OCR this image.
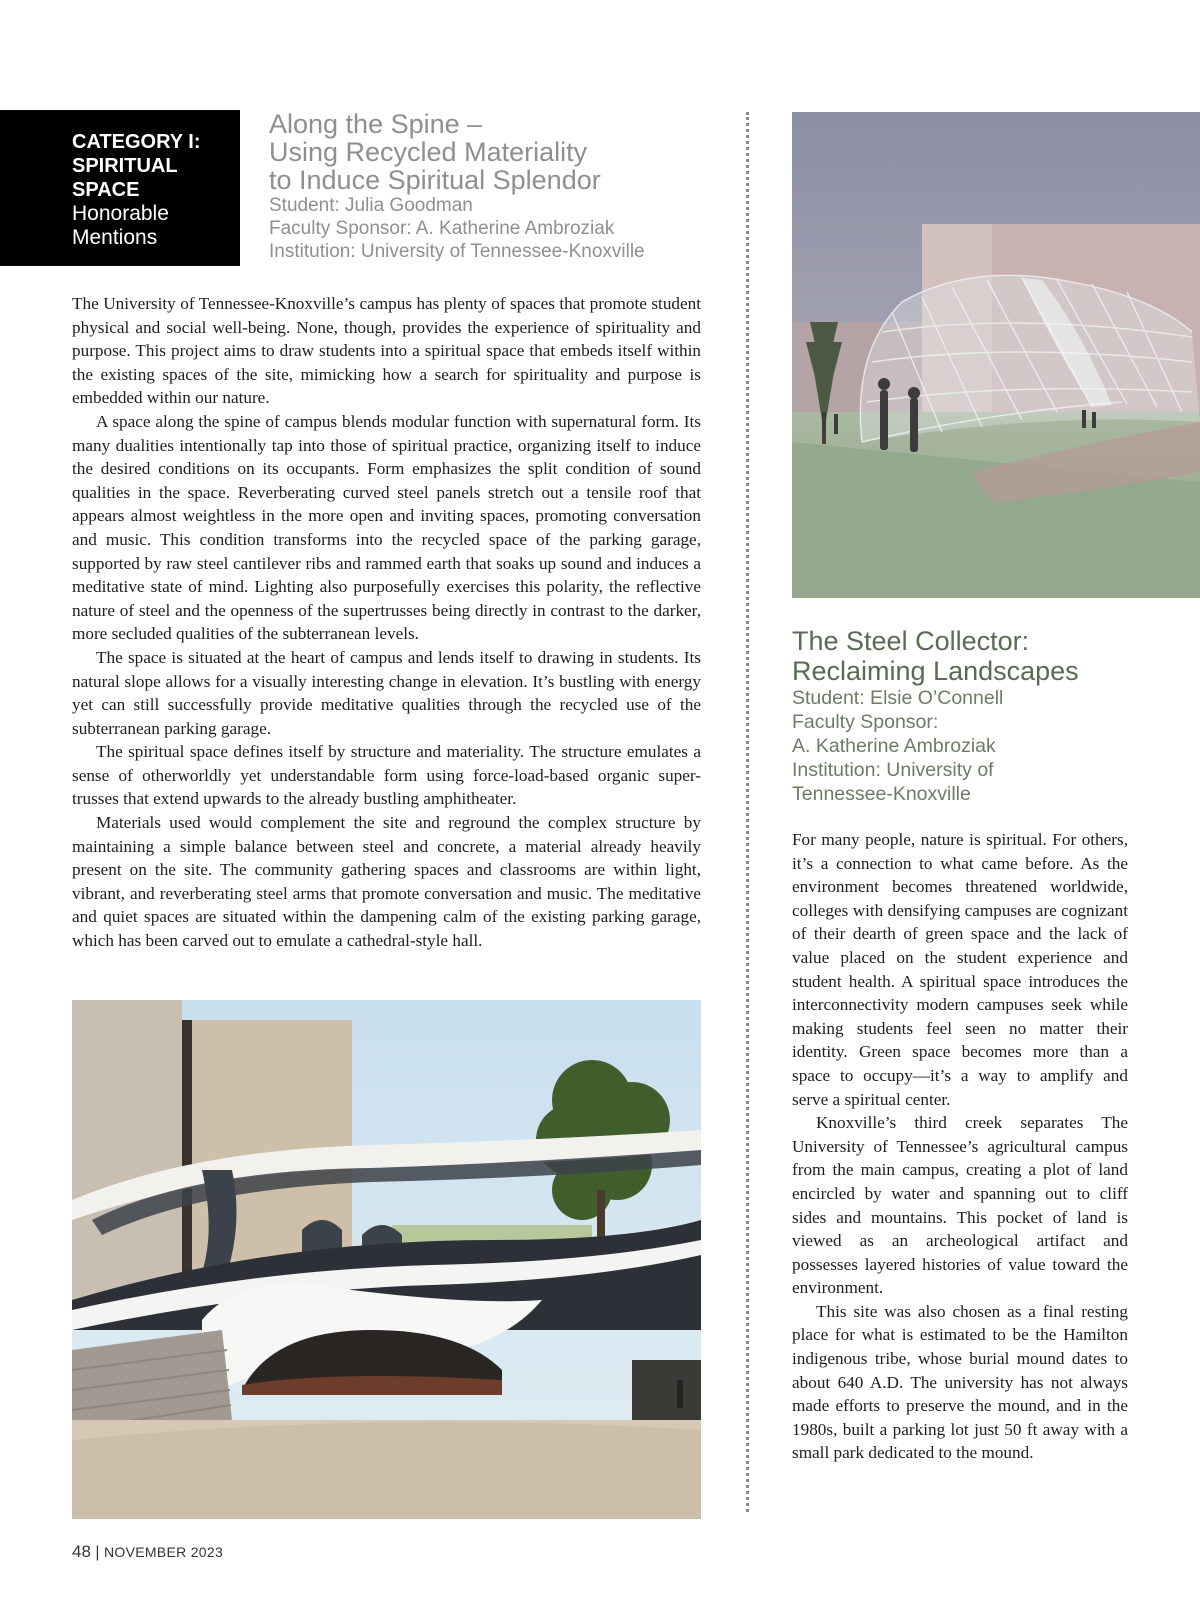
CATEGORY I:
SPIRITUAL
SPACE
Honorable
Mentions
Along the Spine –
Using Recycled Materiality
to Induce Spiritual Splendor
Student: Julia Goodman
Faculty Sponsor: A. Katherine Ambroziak
Institution: University of Tennessee-Knoxville

The University of Tennessee-Knoxville’s campus has plenty of spaces that promote student physical and social well-being. None, though, provides the experience of spirituality and purpose. This project aims to draw students into a spiritual space that embeds itself within the existing spaces of the site, mimicking how a search for spirituality and purpose is embedded within our nature.

A space along the spine of campus blends modular function with supernatural form. Its many dualities intentionally tap into those of spiritual practice, organizing itself to induce the desired conditions on its occupants. Form emphasizes the split condition of sound qualities in the space. Reverberating curved steel panels stretch out a tensile roof that appears almost weightless in the more open and inviting spaces, promoting conversation and music. This condition transforms into the recycled space of the parking garage, supported by raw steel cantilever ribs and rammed earth that soaks up sound and induces a meditative state of mind. Lighting also purposefully exercises this polarity, the reflective nature of steel and the openness of the supertrusses being directly in contrast to the darker, more secluded qualities of the subterranean levels.

The space is situated at the heart of campus and lends itself to drawing in students. Its natural slope allows for a visually interesting change in elevation. It’s bustling with energy yet can still successfully provide meditative qualities through the recycled use of the subterranean parking garage.

The spiritual space defines itself by structure and materiality. The structure emulates a sense of otherworldly yet understandable form using force-load-based organic super-trusses that extend upwards to the already bustling amphitheater.

Materials used would complement the site and reground the complex structure by maintaining a simple balance between steel and concrete, a material already heavily present on the site. The community gathering spaces and classrooms are within light, vibrant, and reverberating steel arms that promote conversation and music. The meditative and quiet spaces are situated within the dampening calm of the existing parking garage, which has been carved out to emulate a cathedral-style hall.

The Steel Collector:
Reclaiming Landscapes
Student: Elsie O’Connell
Faculty Sponsor:
A. Katherine Ambroziak
Institution: University of
Tennessee-Knoxville

For many people, nature is spiritual. For others, it’s a connection to what came before. As the environment becomes threatened worldwide, colleges with densifying campuses are cognizant of their dearth of green space and the lack of value placed on the student experience and student health. A spiritual space introduces the interconnectivity modern campuses seek while making students feel seen no matter their identity. Green space becomes more than a space to occupy—it’s a way to amplify and serve a spiritual center.

Knoxville’s third creek separates The University of Tennessee’s agricultural campus from the main campus, creating a plot of land encircled by water and spanning out to cliff sides and mountains. This pocket of land is viewed as an archeological artifact and possesses layered histories of value toward the environment.

This site was also chosen as a final resting place for what is estimated to be the Hamilton indigenous tribe, whose burial mound dates to about 640 A.D. The university has not always made efforts to preserve the mound, and in the 1980s, built a parking lot just 50 ft away with a small park dedicated to the mound.

48 | NOVEMBER 2023
